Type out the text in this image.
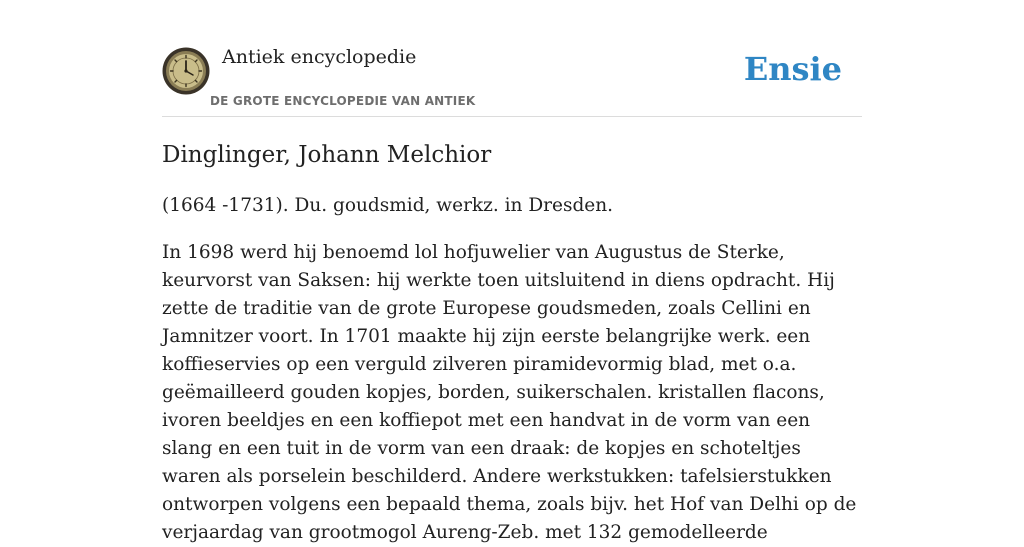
Antiek encyclopedie
DE GROTE ENCYCLOPEDIE VAN ANTIEK
Ensie
Dinglinger, Johann Melchior

(1664 -1731). Du. goudsmid, werkz. in Dresden.

In 1698 werd hij benoemd lol hofjuwelier van Augustus de Sterke, keurvorst van Saksen: hij werkte toen uitsluitend in diens opdracht. Hij zette de traditie van de grote Europese goudsmeden, zoals Cellini en Jamnitzer voort. In 1701 maakte hij zijn eerste belangrijke werk. een koffieservies op een verguld zilveren piramidevormig blad, met o.a. geëmailleerd gouden kopjes, borden, suikerschalen. kristallen flacons, ivoren beeldjes en een koffiepot met een handvat in de vorm van een slang en een tuit in de vorm van een draak: de kopjes en schoteltjes waren als porselein beschilderd. Andere werkstukken: tafelsierstukken ontworpen volgens een bepaald thema, zoals bijv. het Hof van Delhi op de verjaardag van grootmogol Aureng-Zeb. met 132 gemodelleerde
